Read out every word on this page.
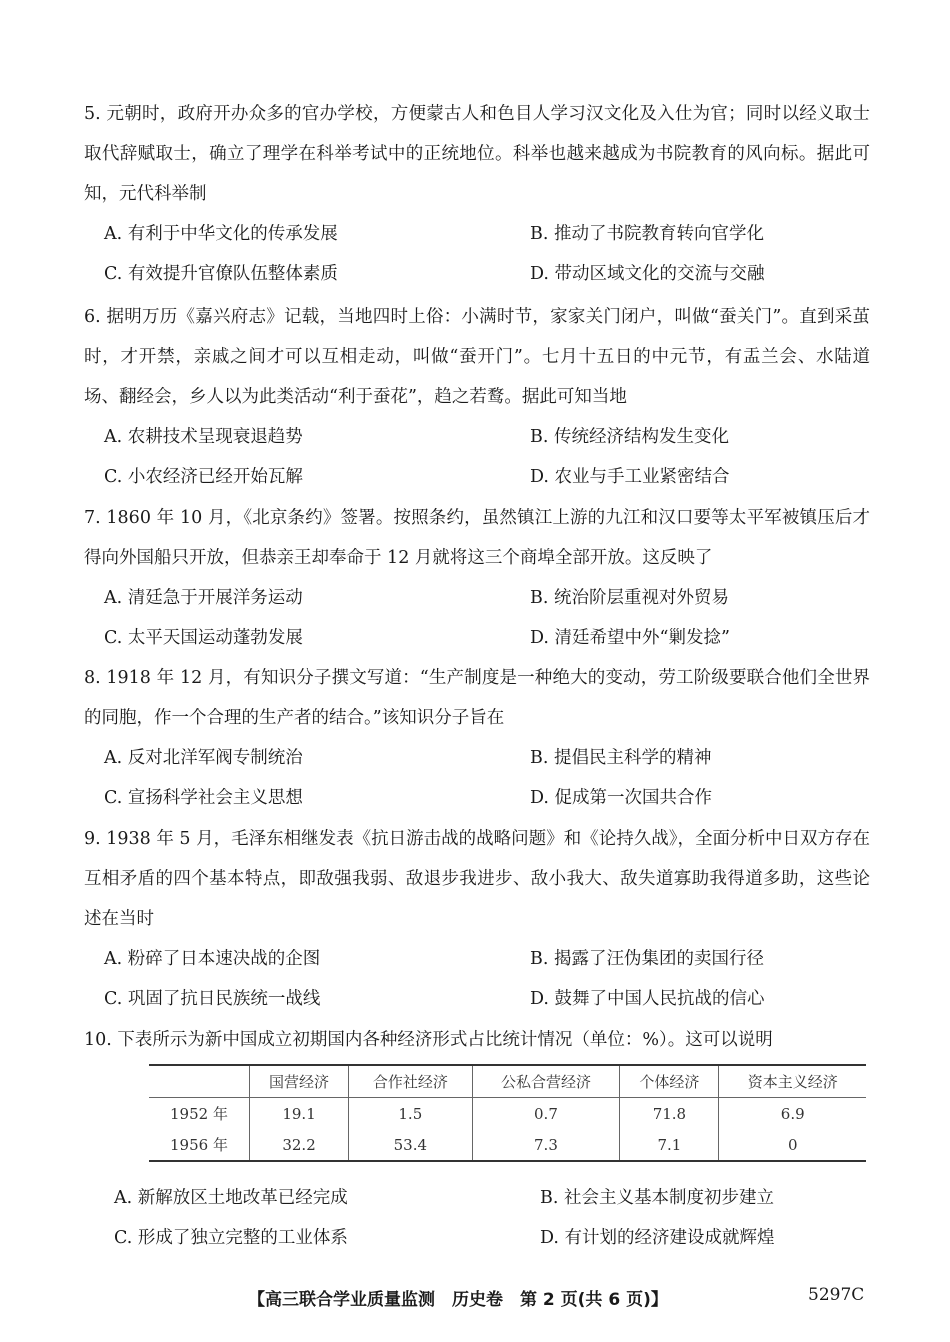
5. 元朝时，政府开办众多的官办学校，方便蒙古人和色目人学习汉文化及入仕为官；同时以经义取士取代辞赋取士，确立了理学在科举考试中的正统地位。科举也越来越成为书院教育的风向标。据此可知，元代科举制

A. 有利于中华文化的传承发展	B. 推动了书院教育转向官学化
C. 有效提升官僚队伍整体素质	D. 带动区域文化的交流与交融

6. 据明万历《嘉兴府志》记载，当地四时上俗：小满时节，家家关门闭户，叫做“蚕关门”。直到采茧时，才开禁，亲戚之间才可以互相走动，叫做“蚕开门”。七月十五日的中元节，有盂兰会、水陆道场、翻经会，乡人以为此类活动“利于蚕花”，趋之若鹜。据此可知当地

A. 农耕技术呈现衰退趋势	B. 传统经济结构发生变化
C. 小农经济已经开始瓦解	D. 农业与手工业紧密结合

7. 1860 年 10 月，《北京条约》签署。按照条约，虽然镇江上游的九江和汉口要等太平军被镇压后才得向外国船只开放，但恭亲王却奉命于 12 月就将这三个商埠全部开放。这反映了

A. 清廷急于开展洋务运动	B. 统治阶层重视对外贸易
C. 太平天国运动蓬勃发展	D. 清廷希望中外“剿发捻”

8. 1918 年 12 月，有知识分子撰文写道：“生产制度是一种绝大的变动，劳工阶级要联合他们全世界的同胞，作一个合理的生产者的结合。”该知识分子旨在

A. 反对北洋军阀专制统治	B. 提倡民主科学的精神
C. 宣扬科学社会主义思想	D. 促成第一次国共合作

9. 1938 年 5 月，毛泽东相继发表《抗日游击战的战略问题》和《论持久战》，全面分析中日双方存在互相矛盾的四个基本特点，即敌强我弱、敌退步我进步、敌小我大、敌失道寡助我得道多助，这些论述在当时

A. 粉碎了日本速决战的企图	B. 揭露了汪伪集团的卖国行径
C. 巩固了抗日民族统一战线	D. 鼓舞了中国人民抗战的信心

10. 下表所示为新中国成立初期国内各种经济形式占比统计情况（单位：%）。这可以说明

	国营经济	合作社经济	公私合营经济	个体经济	资本主义经济
1952 年	19.1	1.5	0.7	71.8	6.9
1956 年	32.2	53.4	7.3	7.1	0
A. 新解放区土地改革已经完成	B. 社会主义基本制度初步建立
C. 形成了独立完整的工业体系	D. 有计划的经济建设成就辉煌
【高三联合学业质量监测　历史卷　第 2 页(共 6 页)】	5297C
